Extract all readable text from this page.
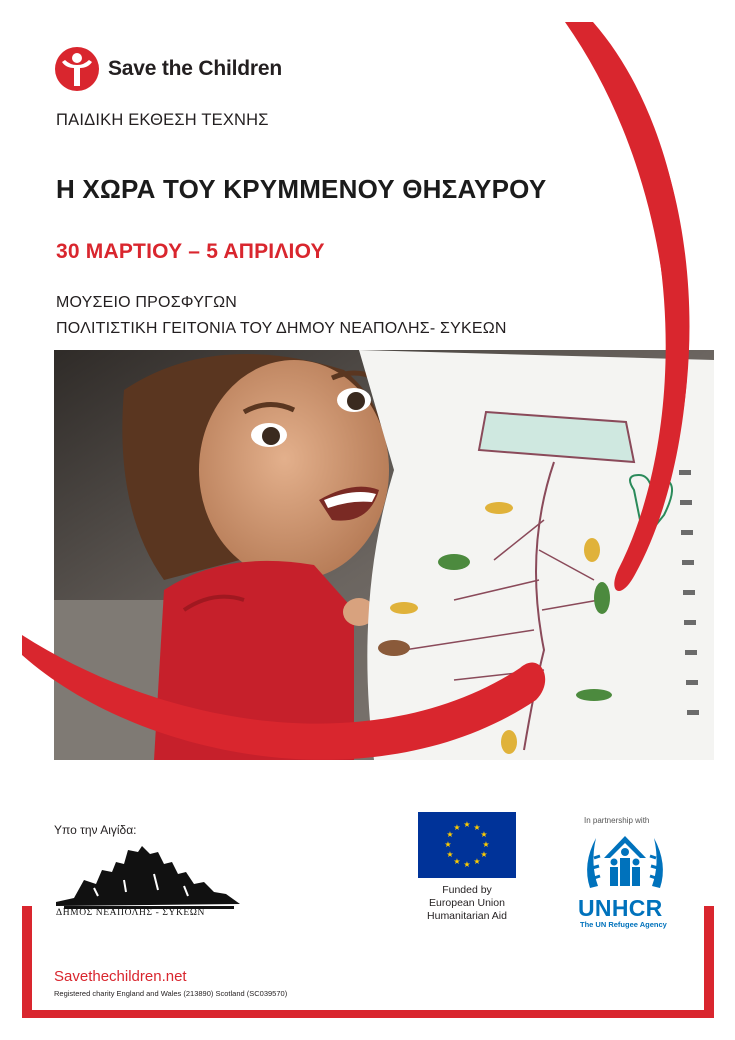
Save the Children
ΠΑΙΔΙΚΗ ΕΚΘΕΣΗ ΤΕΧΝΗΣ
Η ΧΩΡΑ ΤΟΥ ΚΡΥΜΜΕΝΟΥ ΘΗΣΑΥΡΟΥ
30 ΜΑΡΤΙΟΥ – 5 ΑΠΡΙΛΙΟΥ
ΜΟΥΣΕΙΟ ΠΡΟΣΦΥΓΩΝ
ΠΟΛΙΤΙΣΤΙΚΗ ΓΕΙΤΟΝΙΑ ΤΟΥ ΔΗΜΟΥ ΝΕΑΠΟΛΗΣ- ΣΥΚΕΩΝ
Υπο την Αιγίδα:
ΔΗΜΟΣ ΝΕΑΠΟΛΗΣ - ΣΥΚΕΩΝ
★ ★
★
★
★
★
★
★
★
★
★
★
Funded by
European Union
Humanitarian Aid
In partnership with
UNHCR
The UN Refugee Agency
Savethechildren.net
Registered charity England and Wales (213890) Scotland (SC039570)
